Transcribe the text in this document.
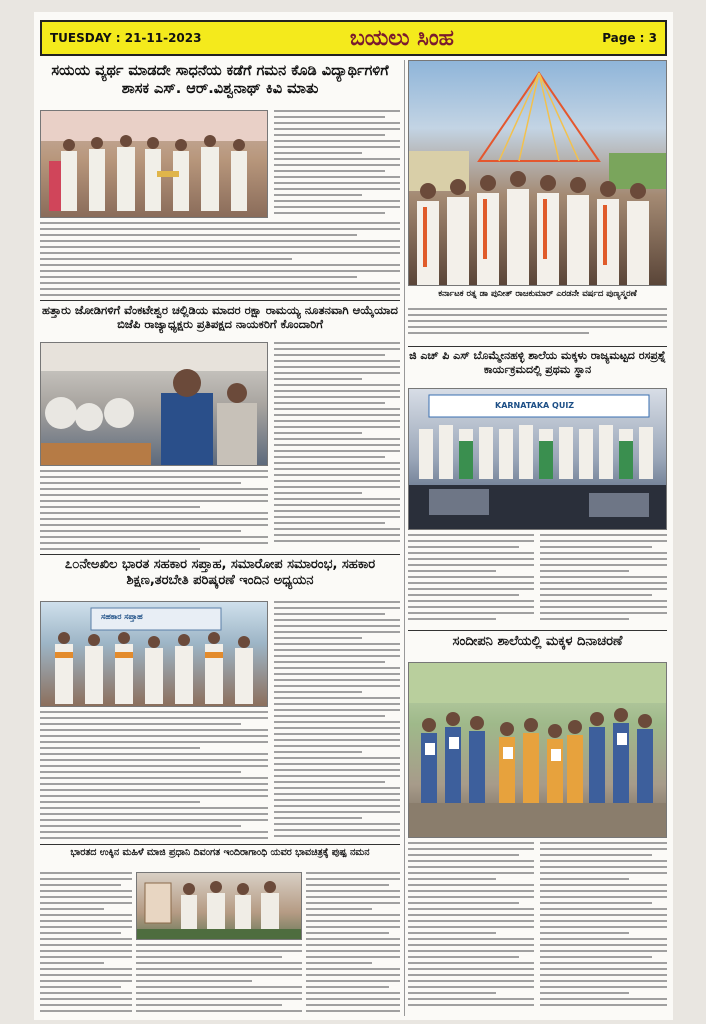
TUESDAY : 21-11-2023	ಬಯಲು ಸಿಂಹ	Page : 3
ಸಯಯ ವ್ಯರ್ಥ ಮಾಡದೇ ಸಾಧನೆಯ ಕಡೆಗೆ ಗಮನ ಕೊಡಿ ವಿದ್ಯಾರ್ಥಿಗಳಿಗೆ ಶಾಸಕ ಎಸ್. ಆರ್.ವಿಶ್ವನಾಥ್ ಕಿವಿ ಮಾತು
ಹತ್ತಾರು ಜೋಡಿಗಳಿಗೆ ವೆಂಕಟೇಶ್ವರ ಚಲ್ಲಿಡಿಯ ಮಾದರ ರಕ್ಷಾ ರಾಮಯ್ಯ ನೂತನವಾಗಿ ಆಯ್ಕೆಯಾದ ಬಿಜೆಪಿ ರಾಜ್ಯಾಧ್ಯಕ್ಷರು ಪ್ರತಿಪಕ್ಷದ ನಾಯಕರಿಗೆ ಕೊಂದಾರಿಗೆ
೭೦ನೇಅಖಿಲ ಭಾರತ ಸಹಕಾರ ಸಪ್ತಾಹ, ಸಮಾರೋಪ ಸಮಾರಂಭ, ಸಹಕಾರ ಶಿಕ್ಷಣ,ತರಬೇತಿ ಪರಿಷ್ಕರಣೆ ಇಂದಿನ ಅಧ್ಯಯನ
ಸಹಕಾರ ಸಪ್ತಾಹ
ಭಾರತದ ಉಕ್ಕಿನ ಮಹಿಳೆ ಮಾಜಿ ಪ್ರಧಾನಿ ದಿವಂಗತ ಇಂದಿರಾಗಾಂಧಿ ಯವರ ಭಾವಚಿತ್ರಕ್ಕೆ ಪುಷ್ಪ ನಮನ
ಕರ್ನಾಟಕ ರತ್ನ ಡಾ ಪುನೀತ್ ರಾಜಕುಮಾರ್ ಎರಡನೇ ವರ್ಷದ ಪುಣ್ಯಸ್ಮರಣೆ
ಜಿ ಎಚ್ ಪಿ ಎಸ್ ಬೊಮ್ಮೇನಹಳ್ಳಿ ಶಾಲೆಯ ಮಕ್ಕಳು ರಾಜ್ಯಮಟ್ಟದ ರಸಪ್ರಶ್ನೆ ಕಾರ್ಯಕ್ರಮದಲ್ಲಿ ಪ್ರಥಮ ಸ್ಥಾನ
KARNATAKA QUIZ
ಸಂದೀಪನಿ ಶಾಲೆಯಲ್ಲಿ ಮಕ್ಕಳ ದಿನಾಚರಣೆ
